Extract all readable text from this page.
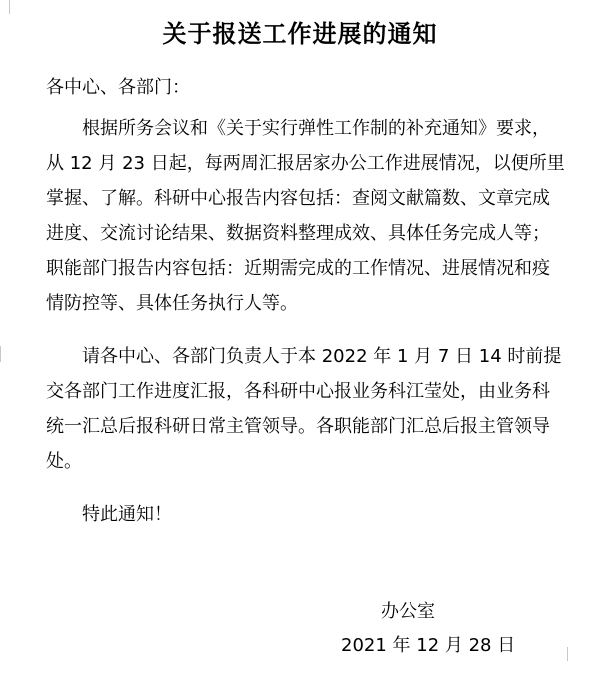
关于报送工作进展的通知
各中心、各部门：
根据所务会议和《关于实行弹性工作制的补充通知》要求，从 12 月 23 日起，每两周汇报居家办公工作进展情况，以便所里掌握、了解。科研中心报告内容包括：查阅文献篇数、文章完成进度、交流讨论结果、数据资料整理成效、具体任务完成人等；职能部门报告内容包括：近期需完成的工作情况、进展情况和疫情防控等、具体任务执行人等。
请各中心、各部门负责人于本 2022 年 1 月 7 日 14 时前提交各部门工作进度汇报，各科研中心报业务科江莹处，由业务科统一汇总后报科研日常主管领导。各职能部门汇总后报主管领导处。
特此通知！
办公室
2021 年 12 月 28 日
